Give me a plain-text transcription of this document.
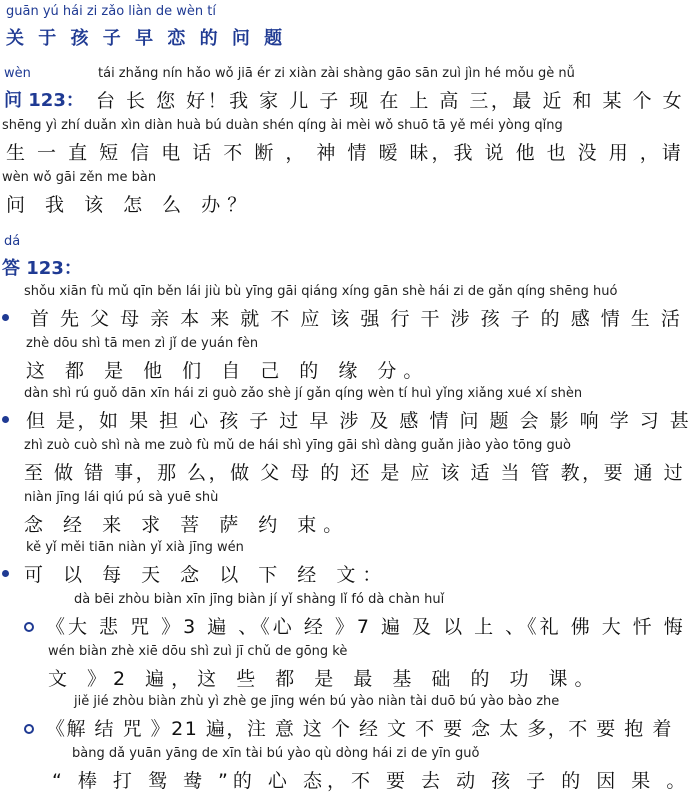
guān yú hái zi zǎo liàn de wèn tí
关 于 孩 子 早 恋 的 问 题
wèn	tái zhǎng nín hǎo wǒ jiā ér zi xiàn zài shàng gāo sān zuì jìn hé mǒu gè nǚ
问 123： 台 长 您 好！我 家 儿 子 现 在 上 高 三，最 近 和 某 个 女
shēng yì zhí duǎn xìn diàn huà bú duàn shén qíng ài mèi wǒ shuō tā yě méi yòng qǐng
生 一 直 短 信 电 话 不 断 ， 神 情 暧 昧，我 说 他 也 没 用 ，请
wèn wǒ gāi zěn me bàn
问 我 该 怎 么 办？
dá
答 123：
shǒu xiān fù mǔ qīn běn lái jiù bù yīng gāi qiáng xíng gān shè hái zi de gǎn qíng shēng huó
首 先 父 母 亲 本 来 就 不 应 该 强 行 干 涉 孩 子 的 感 情 生 活
zhè dōu shì tā men zì jǐ de yuán fèn
这 都 是 他 们 自 己 的 缘 分。
dàn shì rú guǒ dān xīn hái zi guò zǎo shè jí gǎn qíng wèn tí huì yǐng xiǎng xué xí shèn
但 是，如 果 担 心 孩 子 过 早 涉 及 感 情 问 题 会 影 响 学 习 甚
zhì zuò cuò shì nà me zuò fù mǔ de hái shì yīng gāi shì dàng guǎn jiào yào tōng guò
至 做 错 事，那 么，做 父 母 的 还 是 应 该 适 当 管 教，要 通 过
niàn jīng lái qiú pú sà yuē shù
念 经 来 求 菩 萨 约 束。
kě yǐ měi tiān niàn yǐ xià jīng wén
可 以 每 天 念 以 下 经 文：
dà bēi zhòu biàn xīn jīng biàn jí yǐ shàng lǐ fó dà chàn huǐ
《大 悲 咒 》3 遍 、《心 经 》7 遍 及 以 上 、《礼 佛 大 忏 悔
wén biàn zhè xiē dōu shì zuì jī chǔ de gōng kè
文 》2 遍，这 些 都 是 最 基 础 的 功 课。
jiě jié zhòu biàn zhù yì zhè ge jīng wén bú yào niàn tài duō bú yào bào zhe
《解 结 咒 》21 遍，注 意 这 个 经 文 不 要 念 太 多，不 要 抱 着
bàng dǎ yuān yāng de xīn tài bú yào qù dòng hái zi de yīn guǒ
“ 棒 打 鸳 鸯 ”的 心 态，不 要 去 动 孩 子 的 因 果 。
